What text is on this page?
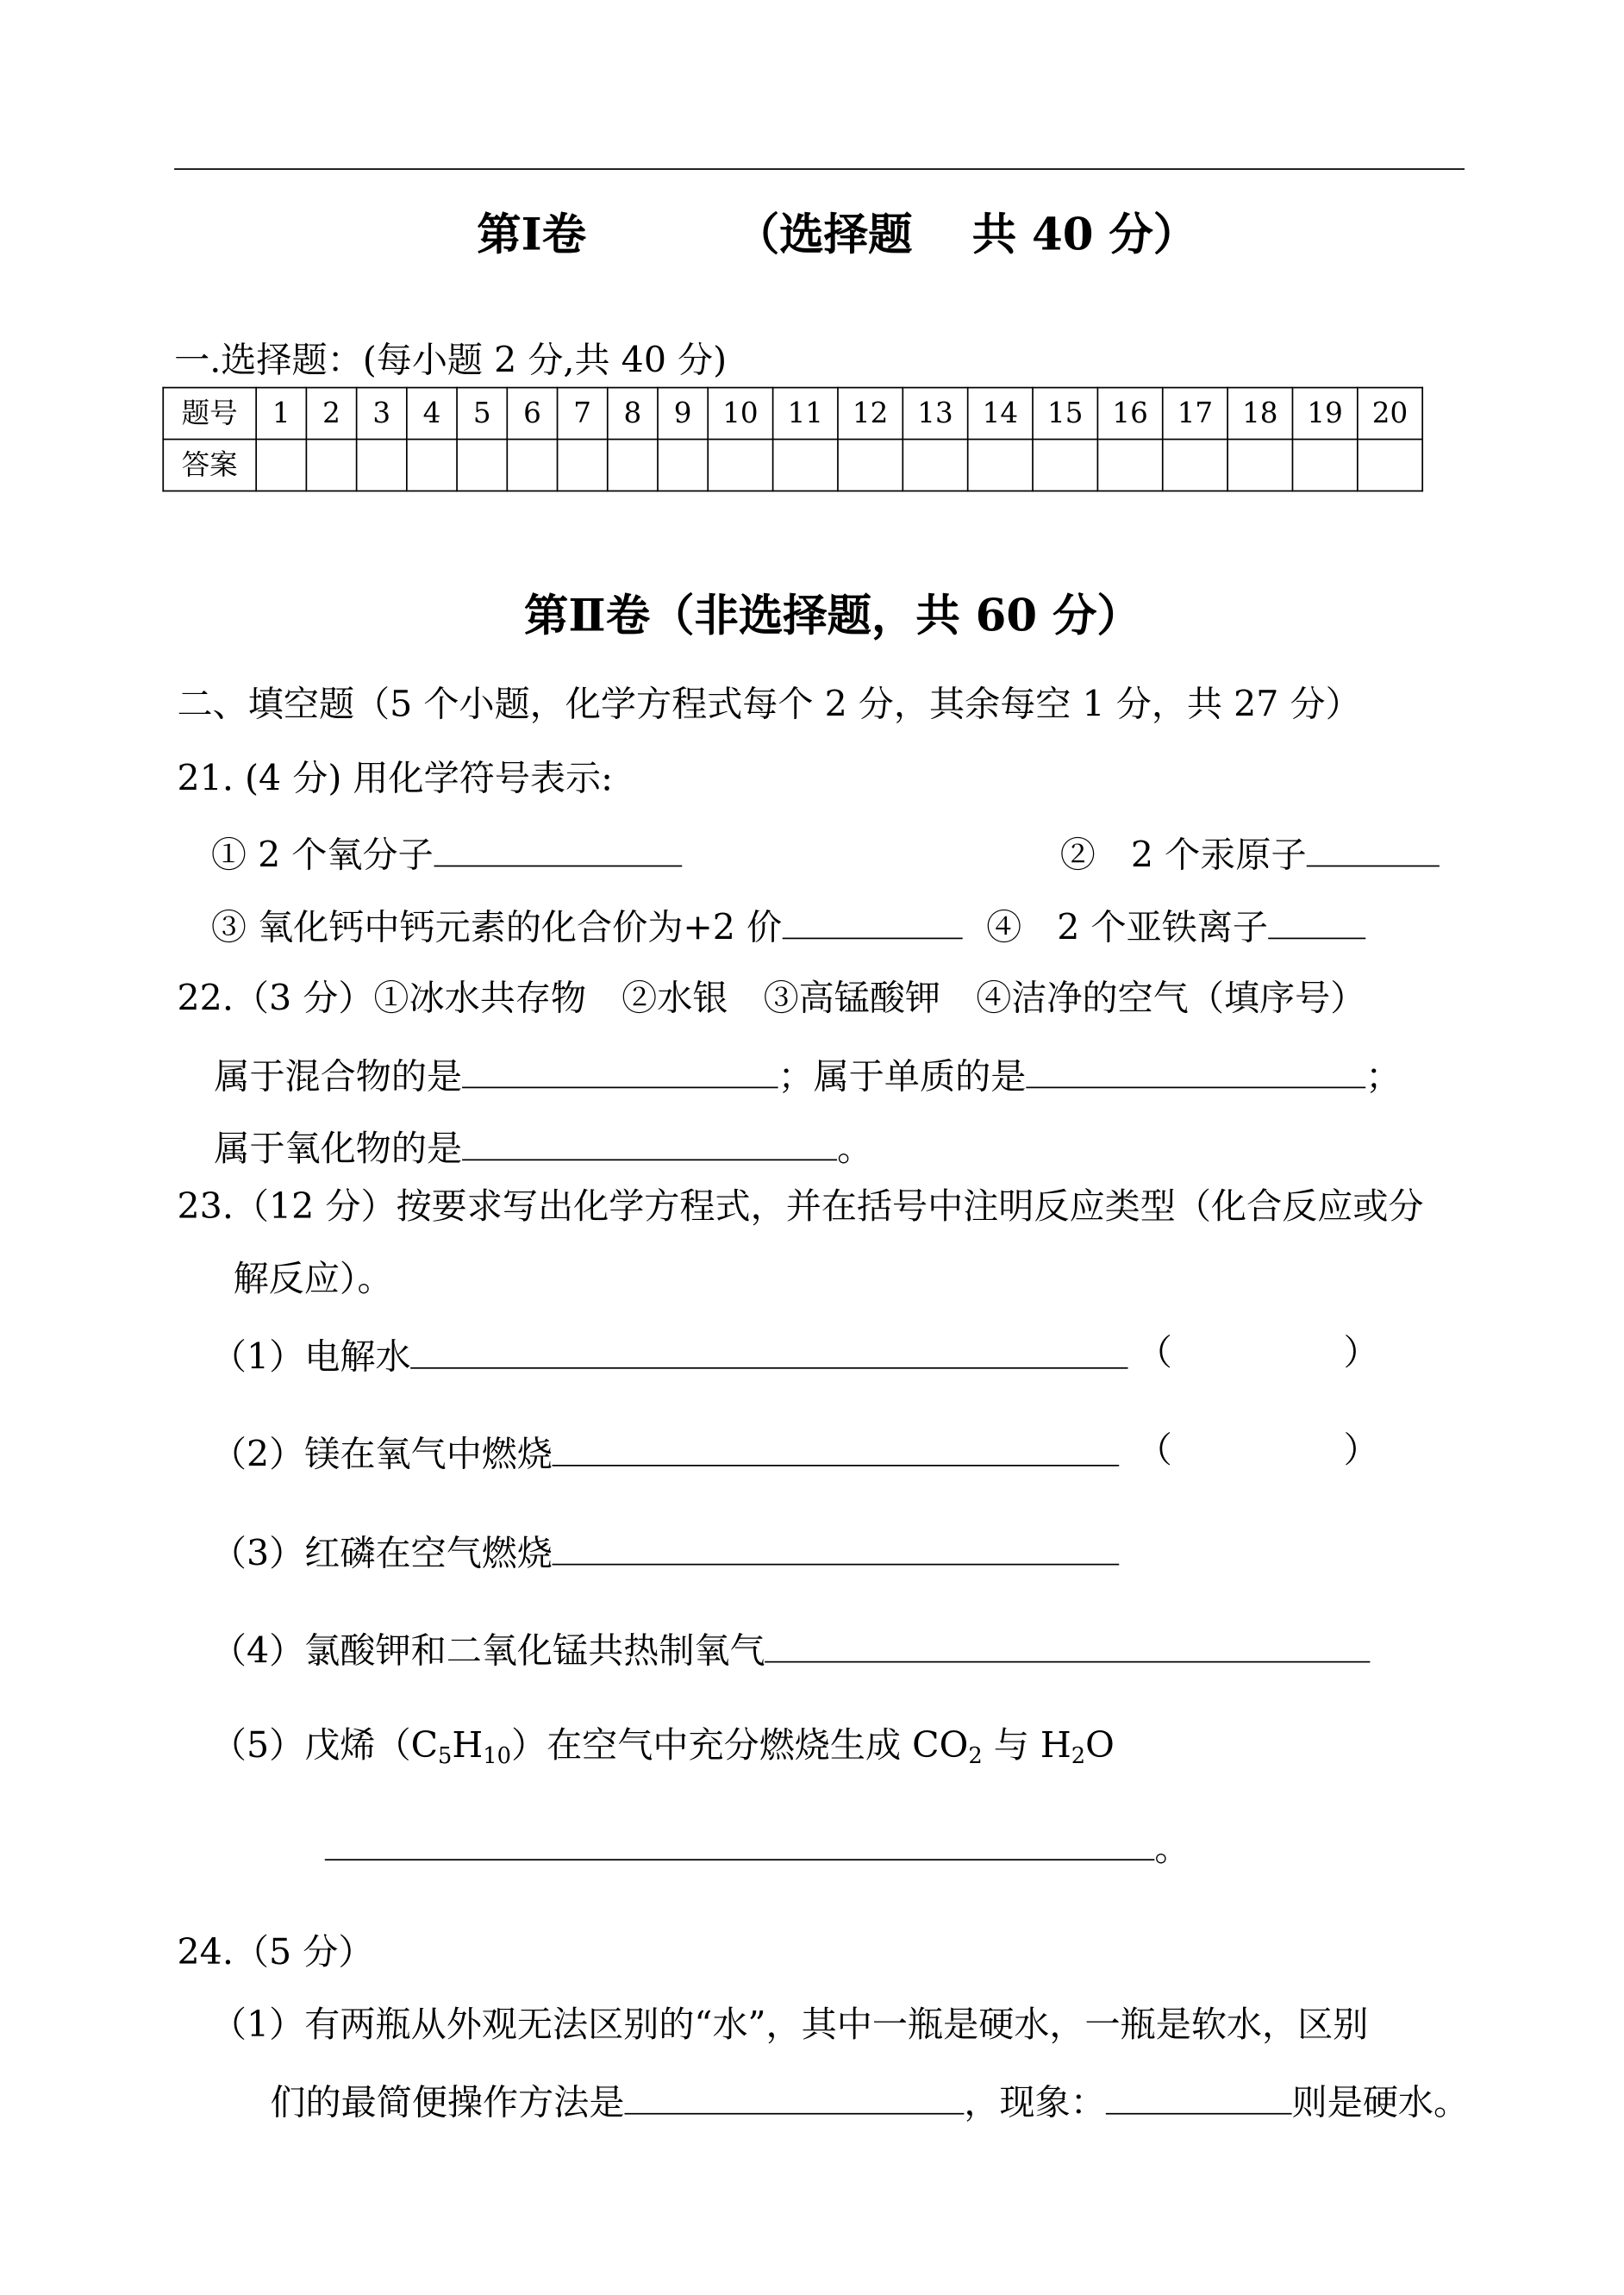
第Ⅰ卷	（选择题　 共 40 分）
一.选择题：(每小题 2 分,共 40 分)
题号	1	2	3	4	5	6	7	8	9	10	11	12	13	14	15	16	17	18	19	20
答案																				
第Ⅱ卷（非选择题，共 60 分）
二、填空题（5 个小题，化学方程式每个 2 分，其余每空 1 分，共 27 分）
21. (4 分) 用化学符号表示:
① 2 个氧分子	②　2 个汞原子
③ 氧化钙中钙元素的化合价为+2 价	④　2 个亚铁离子
22.（3 分）①冰水共存物　②水银　③高锰酸钾　④洁净的空气（填序号）
属于混合物的是	；属于单质的是	；
属于氧化物的是	。
23.（12 分）按要求写出化学方程式，并在括号中注明反应类型（化合反应或分
解反应）。
（1）电解水	（	）
（2）镁在氧气中燃烧	（	）
（3）红磷在空气燃烧
（4）氯酸钾和二氧化锰共热制氧气
（5）戊烯$(C_5H_{10})$在空气中充分燃烧生成 $CO_2$ 与 $H_2O$
。
24.（5 分）
（1）有两瓶从外观无法区别的“水”，其中一瓶是硬水，一瓶是软水，区别
们的最简便操作方法是	，现象：	则是硬水。
